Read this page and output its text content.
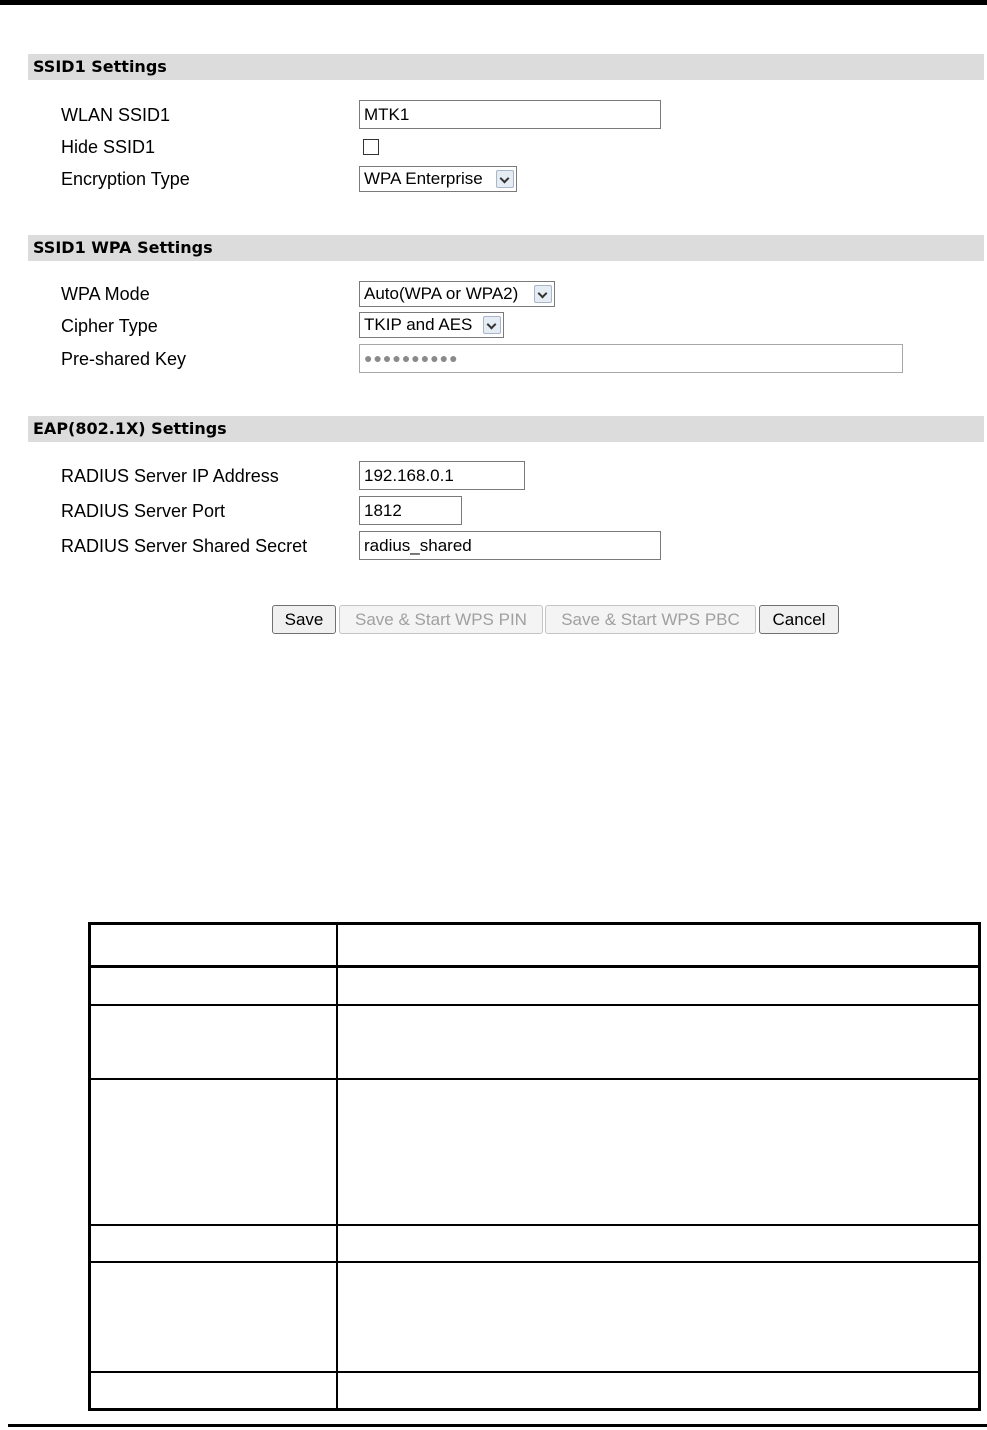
SSID1 Settings
WLAN SSID1	MTK1
Hide SSID1
Encryption Type	WPA Enterprise
SSID1 WPA Settings
WPA Mode	Auto(WPA or WPA2)
Cipher Type	TKIP and AES
Pre-shared Key	●●●●●●●●●●
EAP(802.1X) Settings
RADIUS Server IP Address	192.168.0.1
RADIUS Server Port	1812
RADIUS Server Shared Secret	radius_shared
Save	Save & Start WPS PIN	Save & Start WPS PBC	Cancel
